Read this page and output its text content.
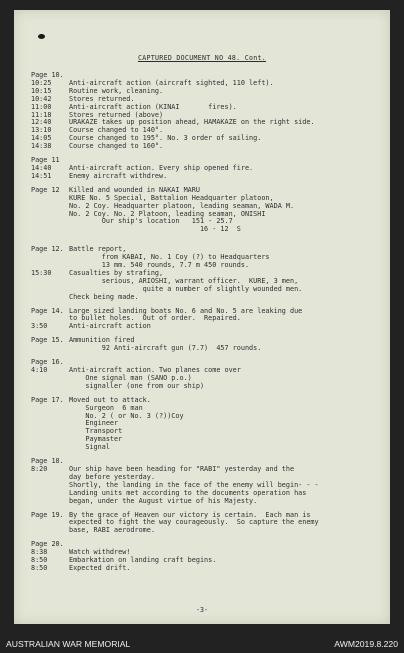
CAPTURED DOCUMENT NO 48. Cont.
Page 10.
10:25	Anti-aircraft action (aircraft sighted, 110 left).
10:15	Routine work, cleaning.
10:42	Stores returned.
11:00	Anti-aircraft action (KINAI       fires).
11:18	Stores returned (above)
12:40	URAKAZE takes up position ahead, HAMAKAZE on the right side.
13:10	Course changed to 140°.
14:05	Course changed to 195°. No. 3 order of sailing.
14:38	Course changed to 160°.
Page 11
14:40	Anti-aircraft action. Every ship opened fire.
14:51	Enemy aircraft withdrew.
Page 12	Killed and wounded in NAKAI MARU
KURE No. 5 Special, Battalion Headquarter platoon,
No. 2 Coy. Headquarter platoon, leading seaman, WADA M.
No. 2 Coy. No. 2 Platoon, leading seaman, ONISHI
Our ship's location   151 - 25.7
16 - 12  S
Page 12. Battle report,
from KABAI, No. 1 Coy (?) to Headquarters
13 mm. 540 rounds, 7.7 m 450 rounds.
15:30	Casualties by strafing,
serious, ARIOSHI, warrant officer.  KURE, 3 men,
quite a number of slightly wounded men.
Check being made.
Page 14. Large sized landing boats No. 6 and No. 5 are leaking due
to bullet holes.  Out of order.  Repaired.
3:50	Anti-aircraft action
Page 15. Ammunition fired
92 Anti-aircraft gun (7.7)  457 rounds.
Page 16.
4:10	Anti-aircraft action. Two planes come over
One signal man (SANO p.o.)
signaller (one from our ship)
Page 17. Moved out to attack.
Surgeon  6 man
No. 2 ( or No. 3 (?))Coy
Engineer
Transport
Paymaster
Signal
Page 18.
8:20	Our ship have been heading for "RABI" yesterday and the
day before yesterday.
Shortly, the landing in the face of the enemy will begin- - -
Landing units met according to the documents operation has
began, under the August virtue of his Majesty.
Page 19. By the grace of Heaven our victory is certain.  Each man is
expected to fight the way courageously.  So capture the enemy
base, RABI aerodrome.
Page 20.
8:38	Watch withdrew!
8:50	Embarkation on landing craft begins.
8:50	Expected drift.
-3-
AUSTRALIAN WAR MEMORIAL	AWM2019.8.220
